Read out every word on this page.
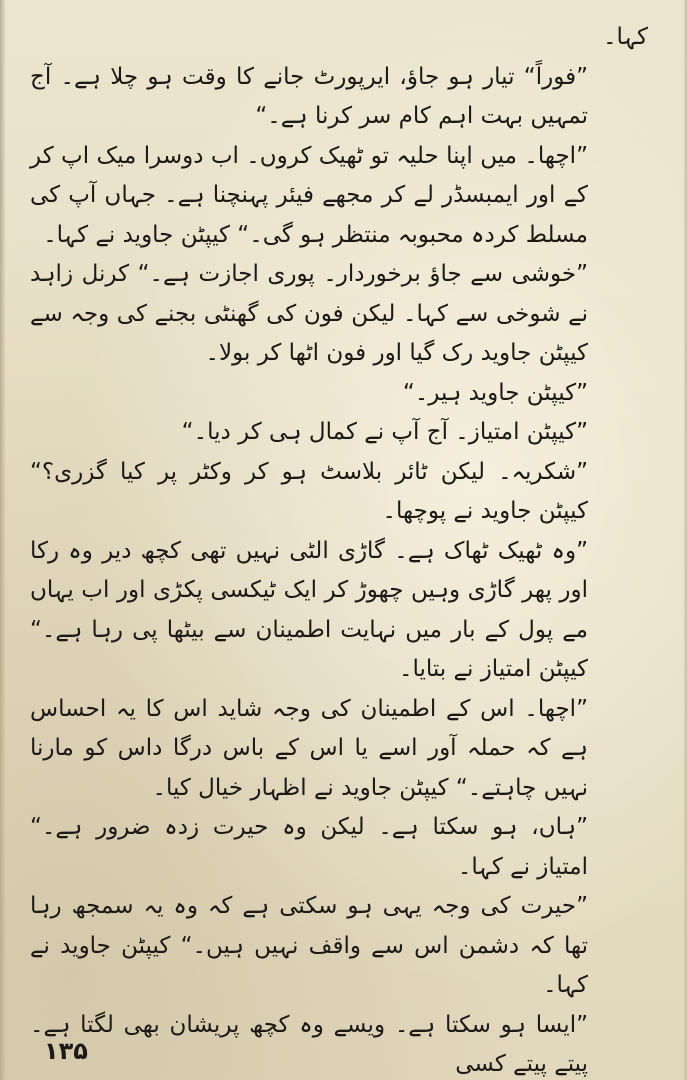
کہا۔
”فوراً“ تیار ہو جاؤ، ایرپورٹ جانے کا وقت ہو چلا ہے۔ آج تمہیں بہت اہم کام سر کرنا ہے۔“
”اچھا۔ میں اپنا حلیہ تو ٹھیک کروں۔ اب دوسرا میک اپ کر کے اور ایمبسڈر لے کر مجھے فیئر پہنچنا ہے۔ جہاں آپ کی مسلط کردہ محبوبہ منتظر ہو گی۔“ کیپٹن جاوید نے کہا۔
”خوشی سے جاؤ برخوردار۔ پوری اجازت ہے۔“ کرنل زاہد نے شوخی سے کہا۔ لیکن فون کی گھنٹی بجنے کی وجہ سے کیپٹن جاوید رک گیا اور فون اٹھا کر بولا۔
”کیپٹن جاوید ہیر۔“
”کیپٹن امتیاز۔ آج آپ نے کمال ہی کر دیا۔“
”شکریہ۔ لیکن ٹائر بلاسٹ ہو کر وکٹر پر کیا گزری؟“ کیپٹن جاوید نے پوچھا۔
”وہ ٹھیک ٹھاک ہے۔ گاڑی الٹی نہیں تھی کچھ دیر وہ رکا اور پھر گاڑی وہیں چھوڑ کر ایک ٹیکسی پکڑی اور اب یہاں مے پول کے بار میں نہایت اطمینان سے بیٹھا پی رہا ہے۔“ کیپٹن امتیاز نے بتایا۔
”اچھا۔ اس کے اطمینان کی وجہ شاید اس کا یہ احساس ہے کہ حملہ آور اسے یا اس کے باس درگا داس کو مارنا نہیں چاہتے۔“ کیپٹن جاوید نے اظہار خیال کیا۔
”ہاں، ہو سکتا ہے۔ لیکن وہ حیرت زدہ ضرور ہے۔“ امتیاز نے کہا۔
”حیرت کی وجہ یہی ہو سکتی ہے کہ وہ یہ سمجھ رہا تھا کہ دشمن اس سے واقف نہیں ہیں۔“ کیپٹن جاوید نے کہا۔
”ایسا ہو سکتا ہے۔ ویسے وہ کچھ پریشان بھی لگتا ہے۔ پیتے پیتے کسی
۱۳۵
